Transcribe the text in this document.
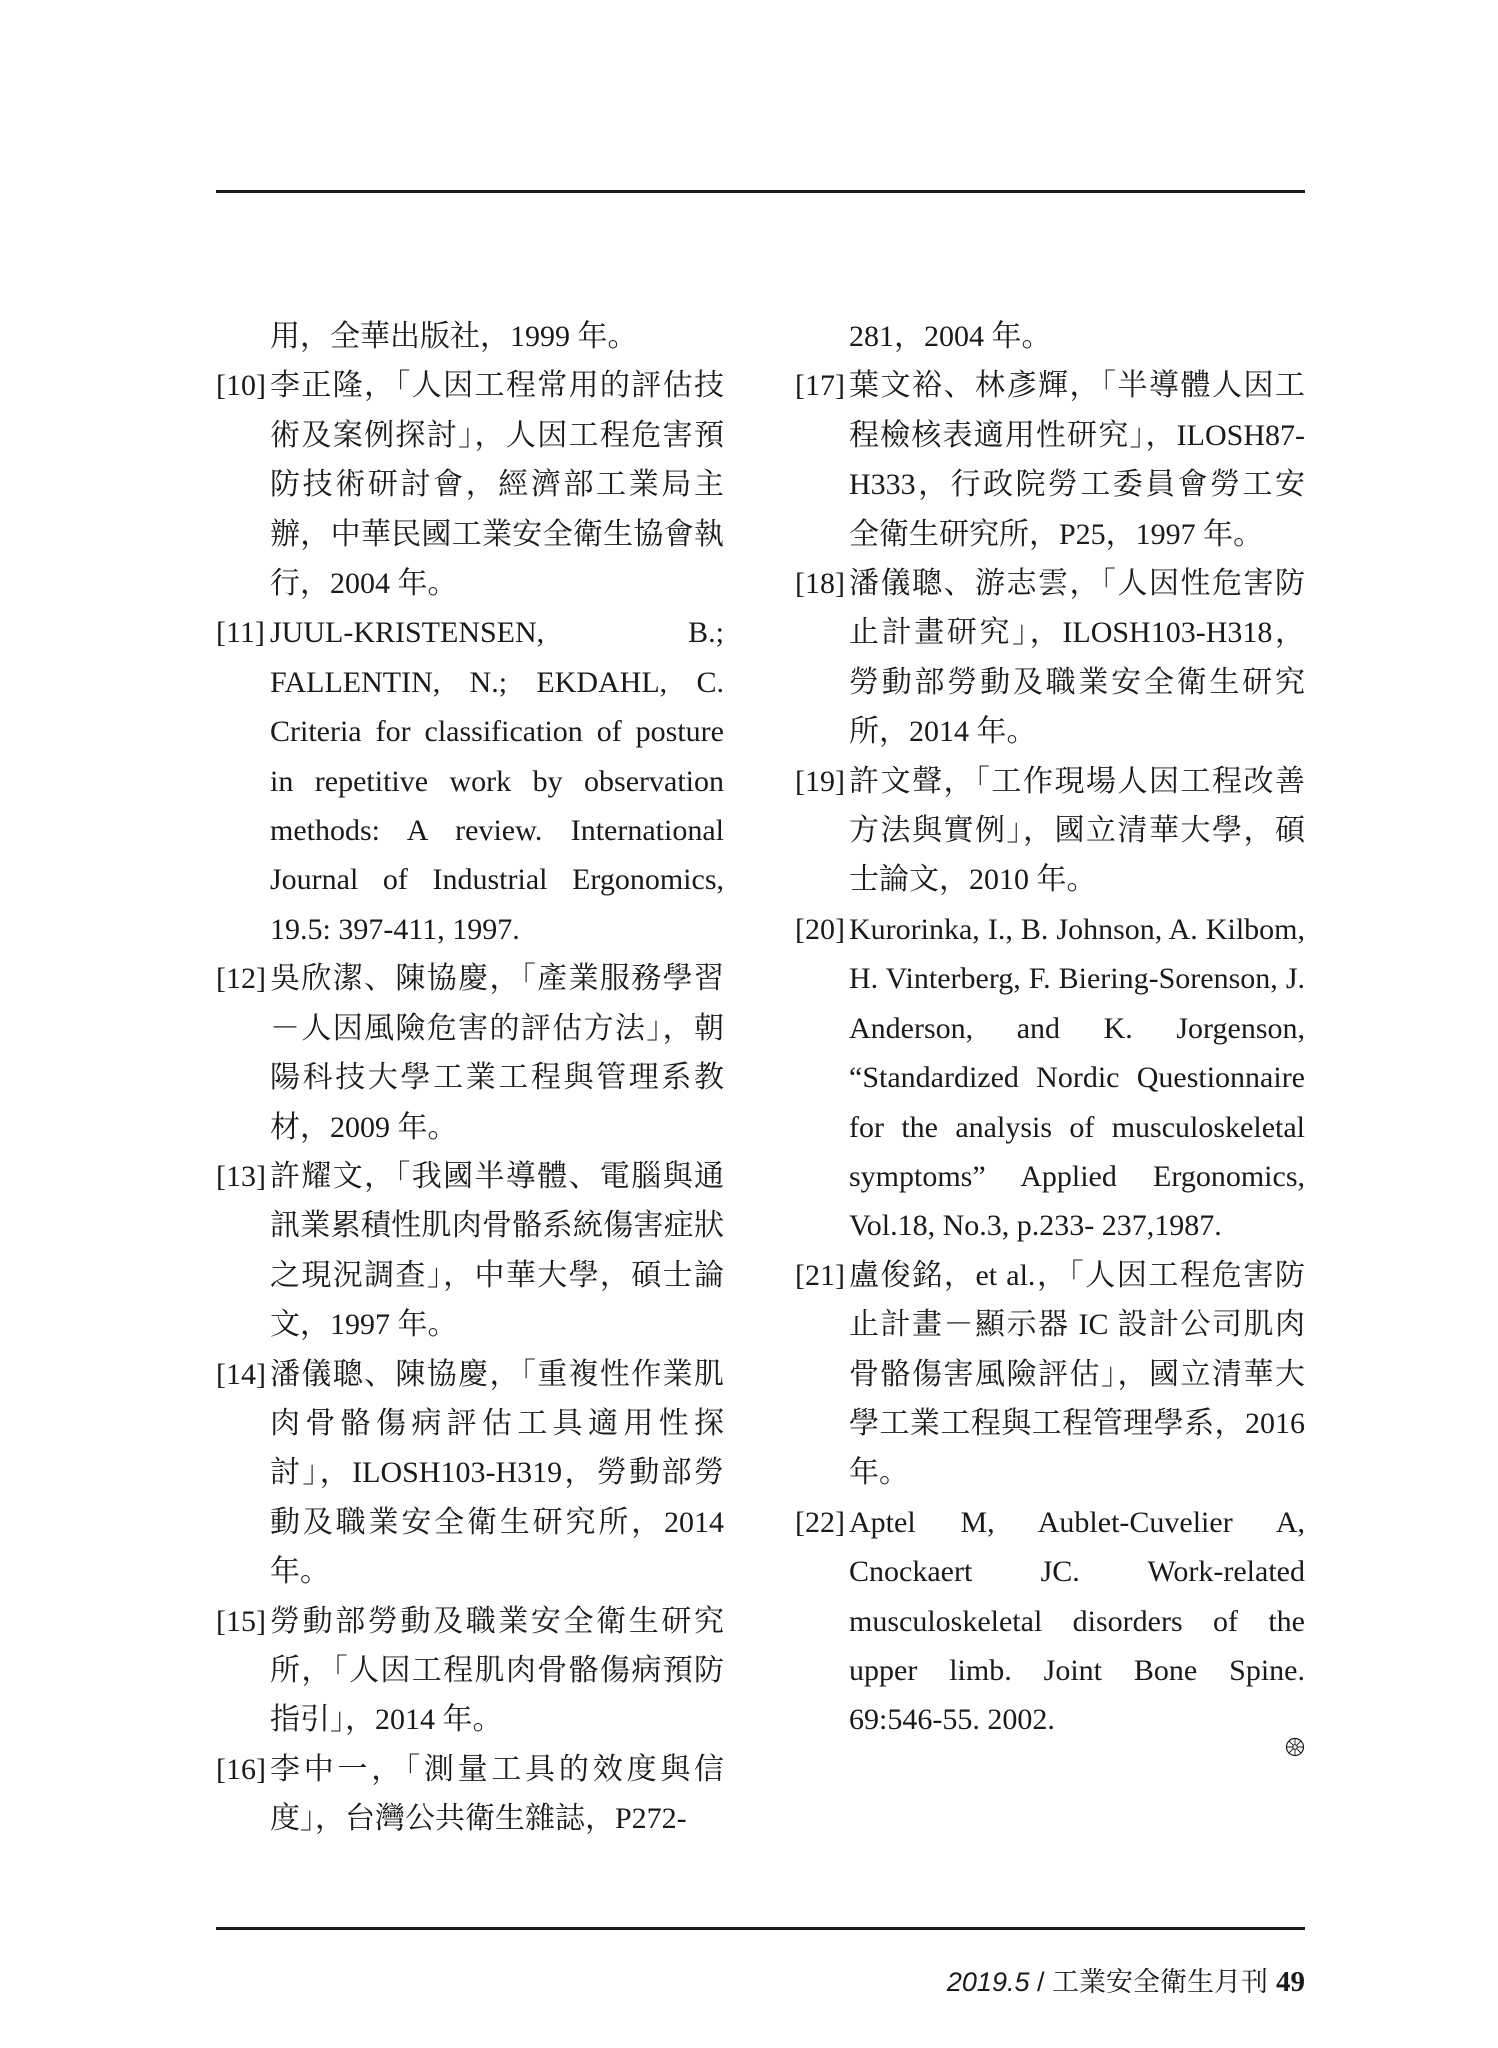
用，全華出版社，1999 年。
[10] 李正隆，「人因工程常用的評估技術及案例探討」，人因工程危害預防技術研討會，經濟部工業局主辦，中華民國工業安全衛生協會執行，2004 年。
[11] JUUL-KRISTENSEN, B.; FALLENTIN, N.; EKDAHL, C. Criteria for classification of posture in repetitive work by observation methods: A review. International Journal of Industrial Ergonomics, 19.5: 397-411, 1997.
[12] 吳欣潔、陳協慶，「產業服務學習－人因風險危害的評估方法」，朝陽科技大學工業工程與管理系教材，2009 年。
[13] 許耀文，「我國半導體、電腦與通訊業累積性肌肉骨骼系統傷害症狀之現況調查」，中華大學，碩士論文，1997 年。
[14] 潘儀聰、陳協慶，「重複性作業肌肉骨骼傷病評估工具適用性探討」，ILOSH103-H319，勞動部勞動及職業安全衛生研究所，2014 年。
[15] 勞動部勞動及職業安全衛生研究所，「人因工程肌肉骨骼傷病預防指引」，2014 年。
[16] 李中一，「測量工具的效度與信度」，台灣公共衛生雜誌，P272-
281，2004 年。
[17] 葉文裕、林彥輝，「半導體人因工程檢核表適用性研究」，ILOSH87-H333，行政院勞工委員會勞工安全衛生研究所，P25，1997 年。
[18] 潘儀聰、游志雲，「人因性危害防止計畫研究」，ILOSH103-H318，勞動部勞動及職業安全衛生研究所，2014 年。
[19] 許文聲，「工作現場人因工程改善方法與實例」，國立清華大學，碩士論文，2010 年。
[20] Kurorinka, I., B. Johnson, A. Kilbom, H. Vinterberg, F. Biering-Sorenson, J. Anderson, and K. Jorgenson, “Standardized Nordic Questionnaire for the analysis of musculoskeletal symptoms” Applied Ergonomics, Vol.18, No.3, p.233- 237,1987.
[21] 盧俊銘，et al.，「人因工程危害防止計畫－顯示器 IC 設計公司肌肉骨骼傷害風險評估」，國立清華大學工業工程與工程管理學系，2016 年。
[22] Aptel M, Aublet-Cuvelier A, Cnockaert JC. Work-related musculoskeletal disorders of the upper limb. Joint Bone Spine. 69:546-55. 2002.
2019.5 / 工業安全衛生月刊 49
